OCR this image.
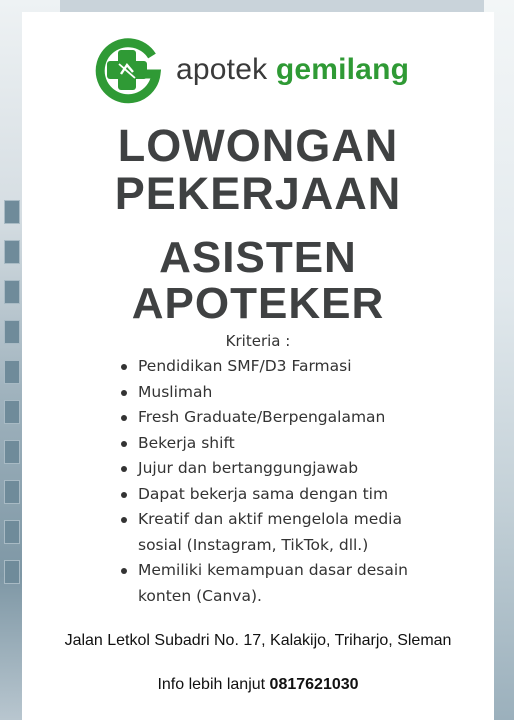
apotek gemilang
LOWONGAN
PEKERJAAN
ASISTEN
APOTEKER
Kriteria :
Pendidikan SMF/D3 Farmasi
Muslimah
Fresh Graduate/Berpengalaman
Bekerja shift
Jujur dan bertanggungjawab
Dapat bekerja sama dengan tim
Kreatif dan aktif mengelola media sosial (Instagram, TikTok, dll.)
Memiliki kemampuan dasar desain konten (Canva).
Jalan Letkol Subadri No. 17, Kalakijo, Triharjo, Sleman
Info lebih lanjut 0817621030
